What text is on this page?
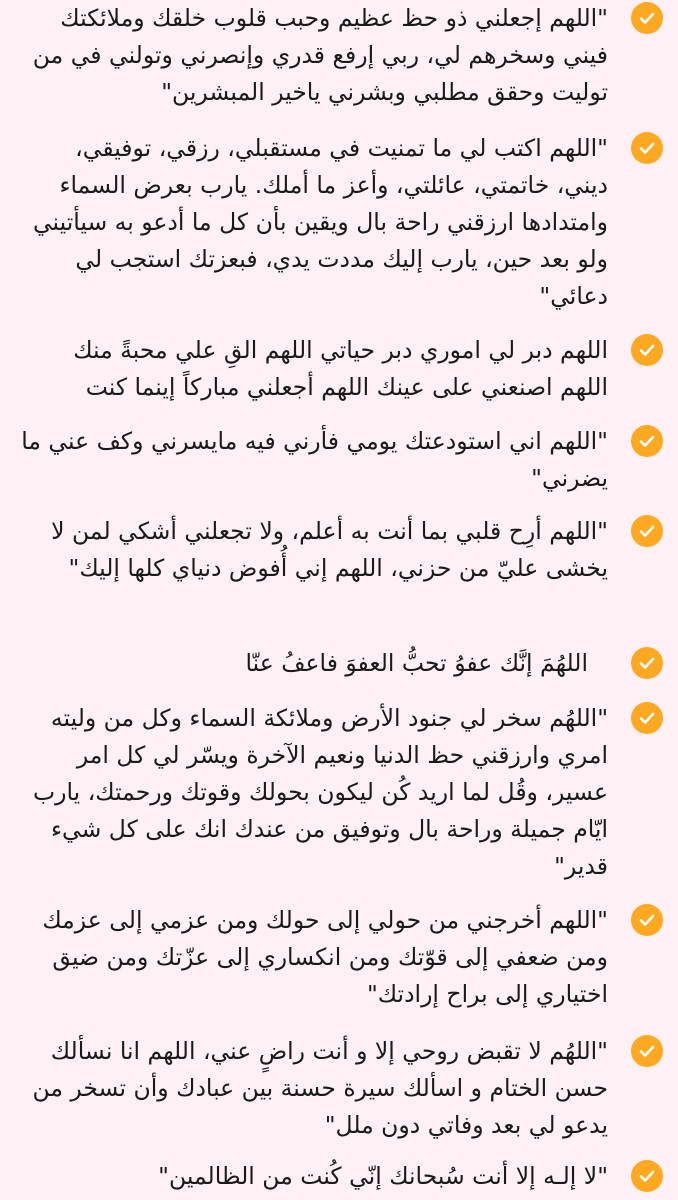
"اللهم إجعلني ذو حظ عظيم وحبب قلوب خلقك وملائكتك فيني وسخرهم لي، ربي إرفع قدري وإنصرني وتولني في من توليت وحقق مطلبي وبشرني ياخير المبشرين"
"اللهم اكتب لي ما تمنيت في مستقبلي، رزقي، توفيقي، ديني، خاتمتي، عائلتي، وأعز ما أملك. يارب بعرض السماء وامتدادها ارزقني راحة بال ويقين بأن كل ما أدعو به سيأتيني ولو بعد حين، يارب إليك مددت يدي، فبعزتك استجب لي دعائي"
اللهم دبر لي اموري دبر حياتي اللهم القِ علي محبةً منك اللهم اصنعني على عينك اللهم أجعلني مباركاً إينما كنت
"اللهم اني استودعتك يومي فأرني فيه مايسرني وكف عني ما يضرني"
"اللهم أرِح قلبي بما أنت به أعلم، ولا تجعلني أشكي لمن لا يخشى عليّ من حزني، اللهم إني أُفوض دنياي كلها إليك"
اللهُمَ إنَّك عفوُ تحبُّ العفوَ فاعفُ عنّا
"اللهُم سخر لي جنود الأرض وملائكة السماء وكل من وليته امري وارزقني حظ الدنيا ونعيم الآخرة ويسّر لي كل امر عسير، وقُل لما اريد كُن ليكون بحولك وقوتك ورحمتك، يارب ايّام جميلة وراحة بال وتوفيق من عندك انك على كل شيء قدير"
"اللهم أخرجني من حولي إلى حولك ومن عزمي إلى عزمك ومن ضعفي إلى قوّتك ومن انكساري إلى عزّتك ومن ضيق اختياري إلى براح إرادتك"
"اللهُم لا تقبض روحي إلا و أنت راضٍ عني، اللهم انا نسألك حسن الختام و اسألك سيرة حسنة بين عبادك وأن تسخر من يدعو لي بعد وفاتي دون ملل"
"لا إلـه إلا أنت سُبحانك إنّي كُنت من الظالمين"
